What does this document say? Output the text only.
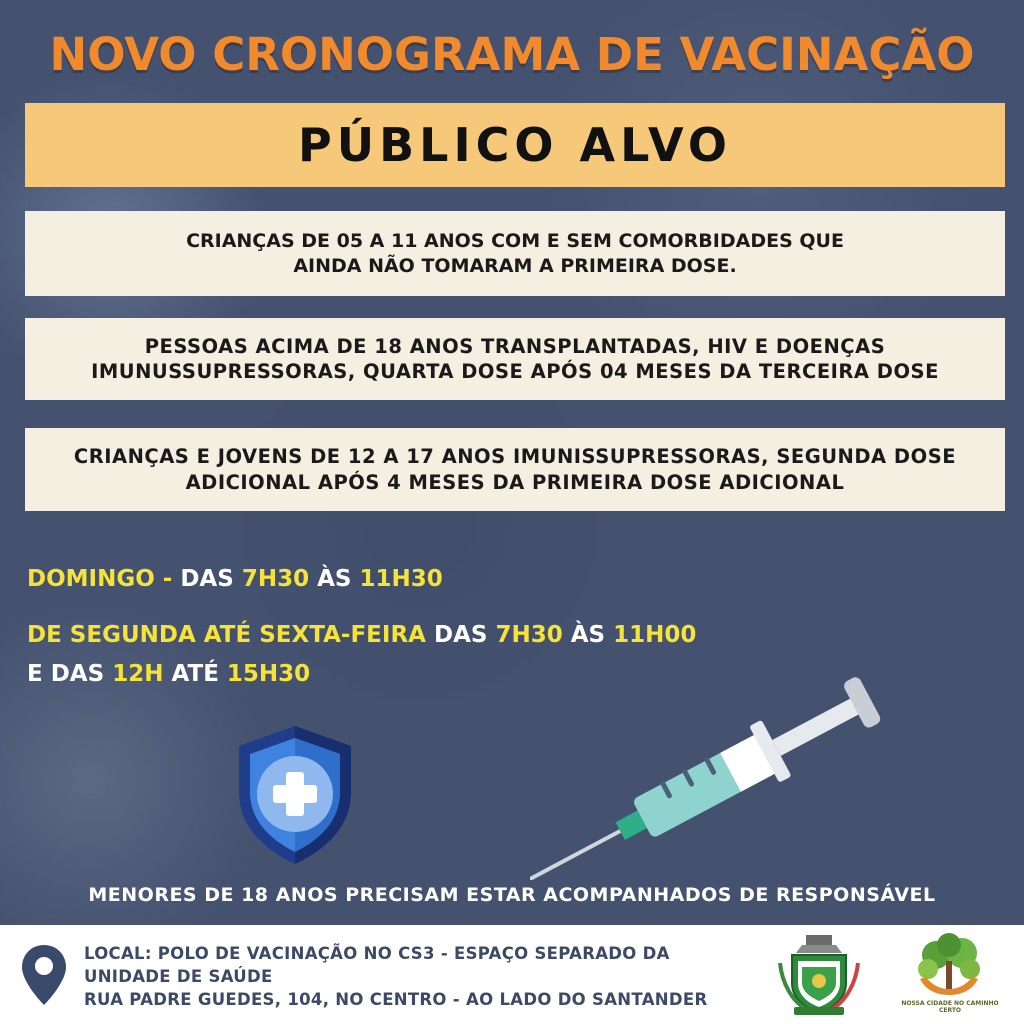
NOVO CRONOGRAMA DE VACINAÇÃO
PÚBLICO ALVO
CRIANÇAS DE 05 A 11 ANOS COM E SEM COMORBIDADES QUE
AINDA NÃO TOMARAM A PRIMEIRA DOSE.
PESSOAS ACIMA DE 18 ANOS TRANSPLANTADAS, HIV E DOENÇAS
IMUNUSSUPRESSORAS, QUARTA DOSE APÓS 04 MESES DA TERCEIRA DOSE
CRIANÇAS E JOVENS DE 12 A 17 ANOS IMUNISSUPRESSORAS, SEGUNDA DOSE
ADICIONAL APÓS 4 MESES DA PRIMEIRA DOSE ADICIONAL
DOMINGO - DAS 7H30 ÀS 11H30
DE SEGUNDA ATÉ SEXTA-FEIRA DAS 7H30 ÀS 11H00
E DAS 12H ATÉ 15H30
MENORES DE 18 ANOS PRECISAM ESTAR ACOMPANHADOS DE RESPONSÁVEL
LOCAL: POLO DE VACINAÇÃO NO CS3 - ESPAÇO SEPARADO DA
UNIDADE DE SAÚDE
RUA PADRE GUEDES, 104, NO CENTRO - AO LADO DO SANTANDER	NOSSA CIDADE NO CAMINHO CERTO
